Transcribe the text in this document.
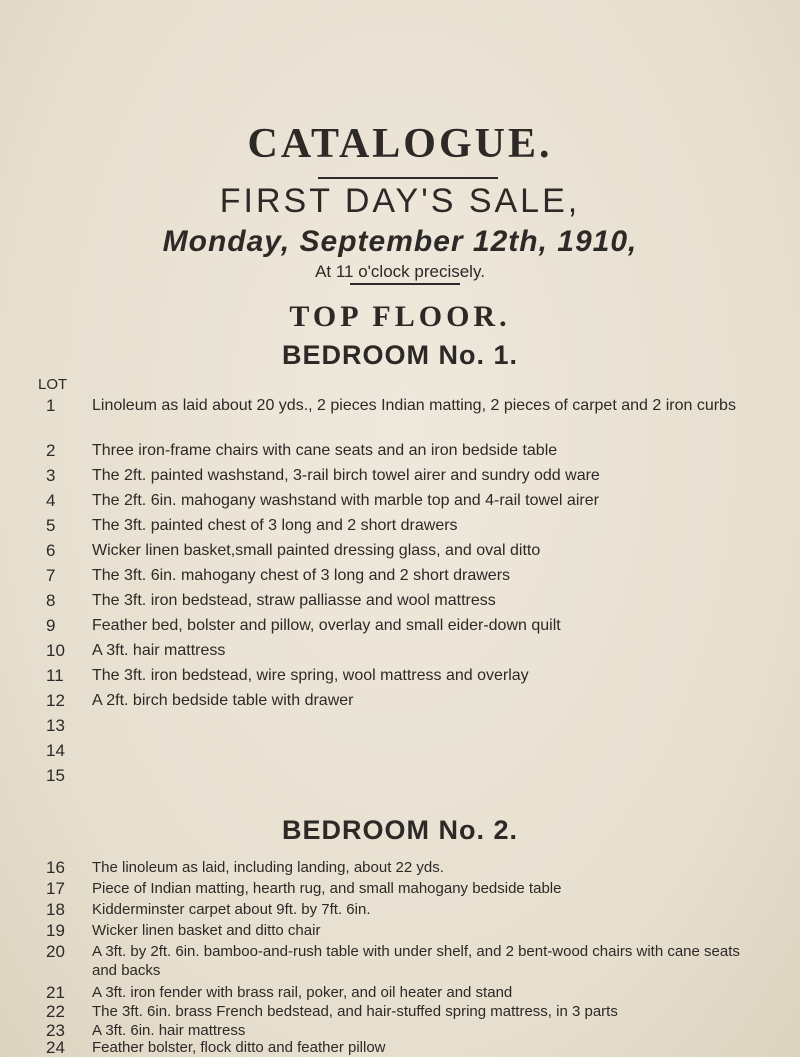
CATALOGUE.
FIRST DAY'S SALE,
Monday, September 12th, 1910,
At 11 o'clock precisely.
TOP FLOOR.
BEDROOM No. 1.
LOT
1	Linoleum as laid about 20 yds., 2 pieces Indian matting, 2 pieces of carpet and 2 iron curbs
2	Three iron-frame chairs with cane seats and an iron bedside table
3	The 2ft. painted washstand, 3-rail birch towel airer and sundry odd ware
4	The 2ft. 6in. mahogany washstand with marble top and 4-rail towel airer
5	The 3ft. painted chest of 3 long and 2 short drawers
6	Wicker linen basket,small painted dressing glass, and oval ditto
7	The 3ft. 6in. mahogany chest of 3 long and 2 short drawers
8	The 3ft. iron bedstead, straw palliasse and wool mattress
9	Feather bed, bolster and pillow, overlay and small eider-down quilt
10	A 3ft. hair mattress
11	The 3ft. iron bedstead, wire spring, wool mattress and overlay
12	A 2ft. birch bedside table with drawer
13
14
15
BEDROOM No. 2.
16	The linoleum as laid, including landing, about 22 yds.
17	Piece of Indian matting, hearth rug, and small mahogany bedside table
18	Kidderminster carpet about 9ft. by 7ft. 6in.
19	Wicker linen basket and ditto chair
20	A 3ft. by 2ft. 6in. bamboo-and-rush table with under shelf, and 2 bent-wood chairs with cane seats and backs
21	A 3ft. iron fender with brass rail, poker, and oil heater and stand
22	The 3ft. 6in. brass French bedstead, and hair-stuffed spring mattress, in 3 parts
23	A 3ft. 6in. hair mattress
24	Feather bolster, flock ditto and feather pillow
